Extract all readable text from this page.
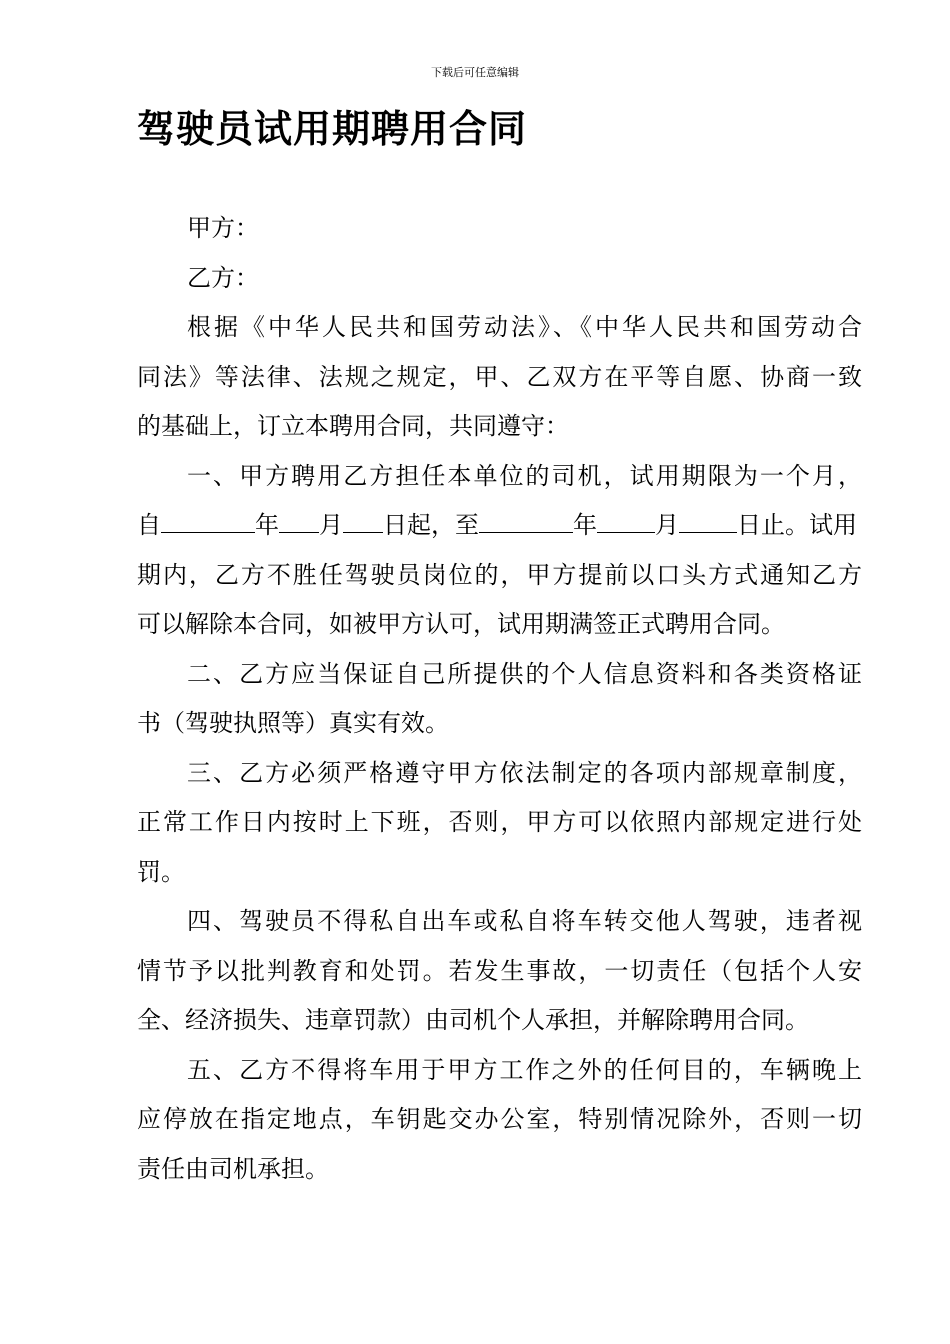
下载后可任意编辑
驾驶员试用期聘用合同
甲方：
乙方：
根据《中华人民共和国劳动法》、《中华人民共和国劳动合
同法》等法律、法规之规定，甲、乙双方在平等自愿、协商一致
的基础上，订立本聘用合同，共同遵守：
一、甲方聘用乙方担任本单位的司机，试用期限为一个月，
自	年 月 日起，至	年 月 日止。试用
期内，乙方不胜任驾驶员岗位的，甲方提前以口头方式通知乙方
可以解除本合同，如被甲方认可，试用期满签正式聘用合同。
二、乙方应当保证自己所提供的个人信息资料和各类资格证
书（驾驶执照等）真实有效。
三、乙方必须严格遵守甲方依法制定的各项内部规章制度，
正常工作日内按时上下班，否则，甲方可以依照内部规定进行处
罚。
四、驾驶员不得私自出车或私自将车转交他人驾驶，违者视
情节予以批判教育和处罚。若发生事故，一切责任（包括个人安
全、经济损失、违章罚款）由司机个人承担，并解除聘用合同。
五、乙方不得将车用于甲方工作之外的任何目的，车辆晚上
应停放在指定地点，车钥匙交办公室，特别情况除外，否则一切
责任由司机承担。
